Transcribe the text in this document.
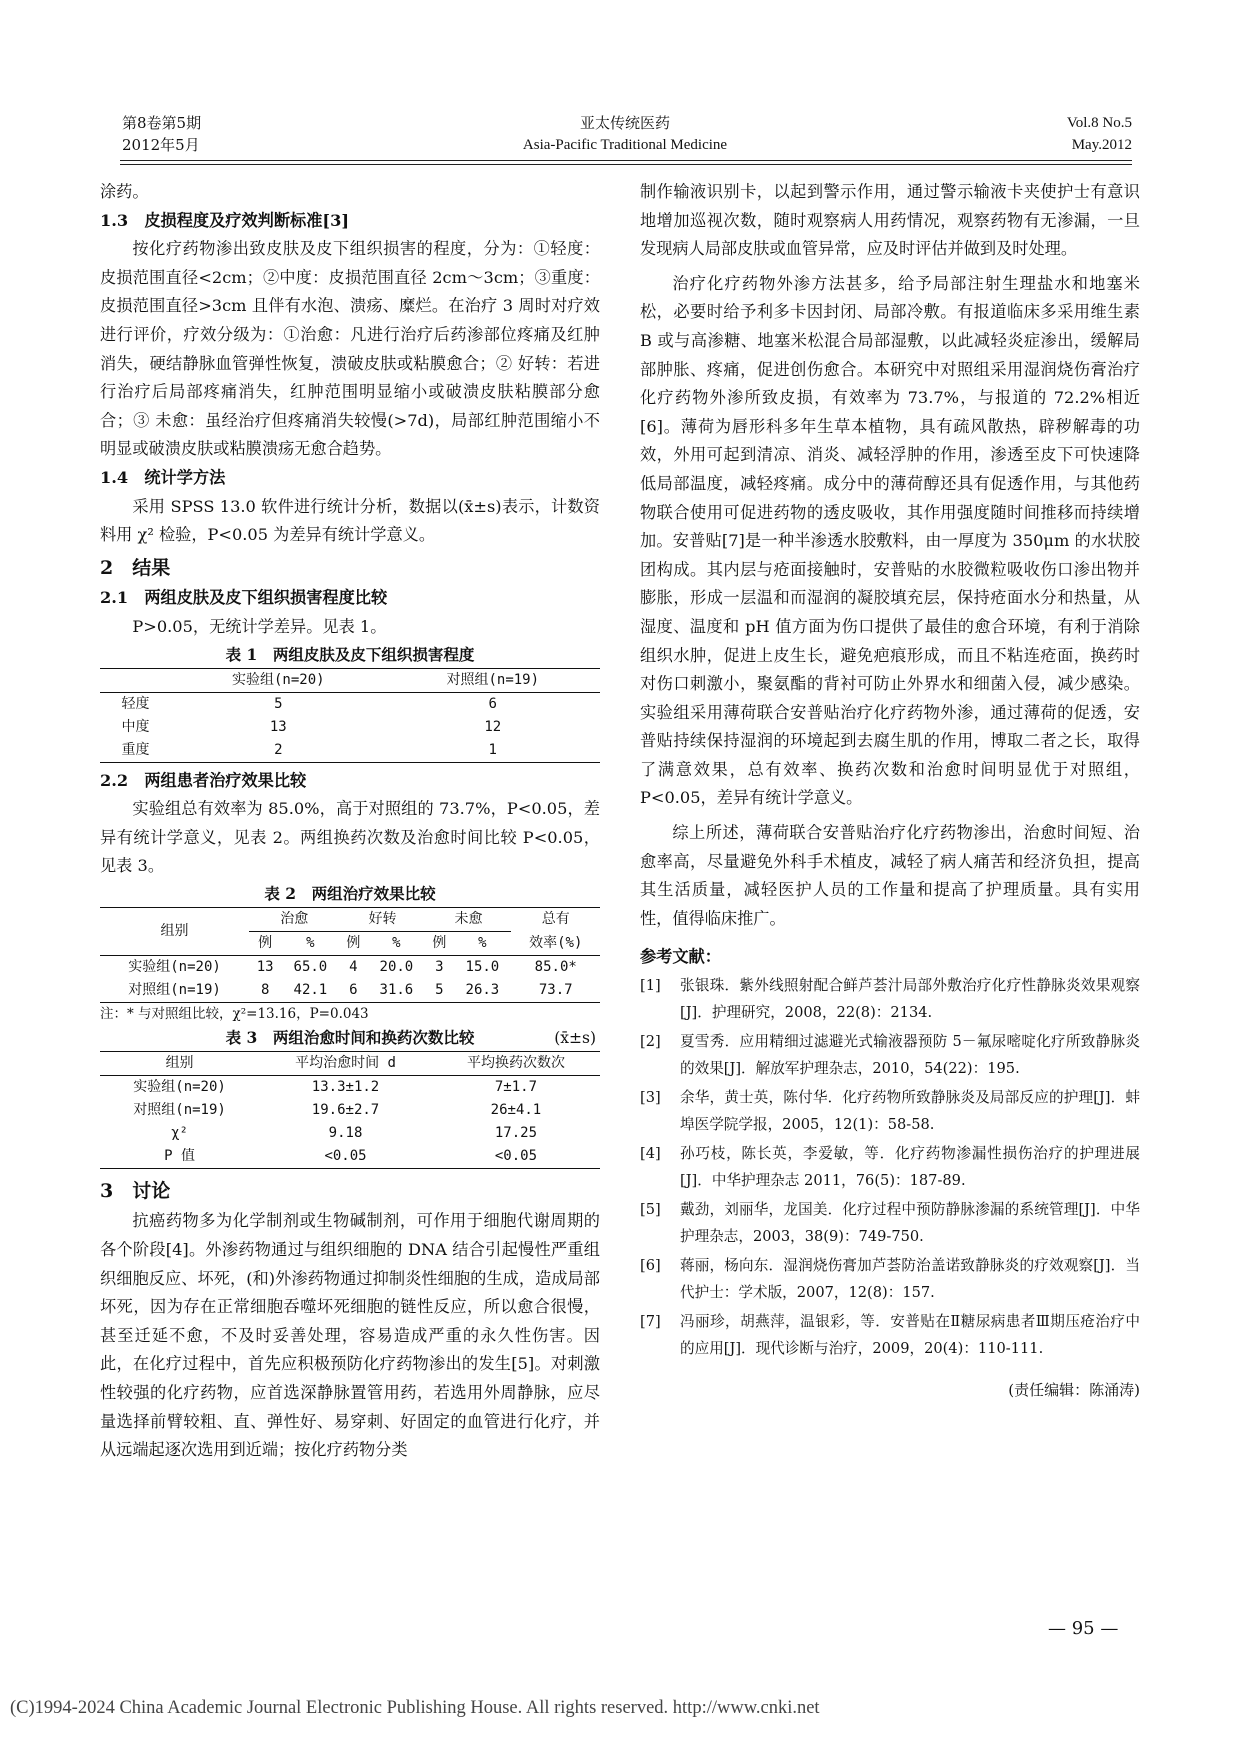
第8卷第5期
2012年5月
亚太传统医药
Asia-Pacific Traditional Medicine
Vol.8 No.5
May.2012

涂药。

1.3　皮损程度及疗效判断标准[3]

按化疗药物渗出致皮肤及皮下组织损害的程度，分为：①轻度：皮损范围直径<2cm；②中度：皮损范围直径 2cm～3cm；③重度：皮损范围直径>3cm 且伴有水泡、溃疡、糜烂。在治疗 3 周时对疗效进行评价，疗效分级为：①治愈：凡进行治疗后药渗部位疼痛及红肿消失，硬结静脉血管弹性恢复，溃破皮肤或粘膜愈合；② 好转：若进行治疗后局部疼痛消失，红肿范围明显缩小或破溃皮肤粘膜部分愈合；③ 未愈：虽经治疗但疼痛消失较慢(>7d)，局部红肿范围缩小不明显或破溃皮肤或粘膜溃疡无愈合趋势。

1.4　统计学方法

采用 SPSS 13.0 软件进行统计分析，数据以(x̄±s)表示，计数资料用 χ² 检验，P<0.05 为差异有统计学意义。

2　结果

2.1　两组皮肤及皮下组织损害程度比较

P>0.05，无统计学差异。见表 1。

表 1　两组皮肤及皮下组织损害程度
	实验组(n=20)	对照组(n=19)
轻度	5	6
中度	13	12
重度	2	1

2.2　两组患者治疗效果比较

实验组总有效率为 85.0%，高于对照组的 73.7%，P<0.05，差异有统计学意义，见表 2。两组换药次数及治愈时间比较 P<0.05，见表 3。

表 2　两组治疗效果比较
组别	治愈		好转		未愈		总有
	例	%	例	%	例	%	效率(%)
实验组(n=20)	13	65.0	4	20.0	3	15.0	85.0*
对照组(n=19)	8	42.1	6	31.6	5	26.3	73.7
注：* 与对照组比较，χ²=13.16，P=0.043
表 3　两组治愈时间和换药次数比较	(x̄±s)
组别	平均治愈时间 d	平均换药次数次
实验组(n=20)	13.3±1.2	7±1.7
对照组(n=19)	19.6±2.7	26±4.1
χ²	9.18	17.25
P 值	<0.05	<0.05

3　讨论

抗癌药物多为化学制剂或生物碱制剂，可作用于细胞代谢周期的各个阶段[4]。外渗药物通过与组织细胞的 DNA 结合引起慢性严重组织细胞反应、坏死，(和)外渗药物通过抑制炎性细胞的生成，造成局部坏死，因为存在正常细胞吞噬坏死细胞的链性反应，所以愈合很慢，甚至迁延不愈，不及时妥善处理，容易造成严重的永久性伤害。因此，在化疗过程中，首先应积极预防化疗药物渗出的发生[5]。对刺激性较强的化疗药物，应首选深静脉置管用药，若选用外周静脉，应尽量选择前臂较粗、直、弹性好、易穿刺、好固定的血管进行化疗，并从远端起逐次选用到近端；按化疗药物分类

制作输液识别卡，以起到警示作用，通过警示输液卡夹使护士有意识地增加巡视次数，随时观察病人用药情况，观察药物有无渗漏，一旦发现病人局部皮肤或血管异常，应及时评估并做到及时处理。

治疗化疗药物外渗方法甚多，给予局部注射生理盐水和地塞米松，必要时给予利多卡因封闭、局部冷敷。有报道临床多采用维生素 B 或与高渗糖、地塞米松混合局部湿敷，以此减轻炎症渗出，缓解局部肿胀、疼痛，促进创伤愈合。本研究中对照组采用湿润烧伤膏治疗化疗药物外渗所致皮损，有效率为 73.7%，与报道的 72.2%相近[6]。薄荷为唇形科多年生草本植物，具有疏风散热，辟秽解毒的功效，外用可起到清凉、消炎、减轻浮肿的作用，渗透至皮下可快速降低局部温度，减轻疼痛。成分中的薄荷醇还具有促透作用，与其他药物联合使用可促进药物的透皮吸收，其作用强度随时间推移而持续增加。安普贴[7]是一种半渗透水胶敷料，由一厚度为 350μm 的水状胶团构成。其内层与疮面接触时，安普贴的水胶微粒吸收伤口渗出物并膨胀，形成一层温和而湿润的凝胶填充层，保持疮面水分和热量，从湿度、温度和 pH 值方面为伤口提供了最佳的愈合环境，有利于消除组织水肿，促进上皮生长，避免疤痕形成，而且不粘连疮面，换药时对伤口刺激小，聚氨酯的背衬可防止外界水和细菌入侵，减少感染。实验组采用薄荷联合安普贴治疗化疗药物外渗，通过薄荷的促透，安普贴持续保持湿润的环境起到去腐生肌的作用，博取二者之长，取得了满意效果，总有效率、换药次数和治愈时间明显优于对照组，P<0.05，差异有统计学意义。

综上所述，薄荷联合安普贴治疗化疗药物渗出，治愈时间短、治愈率高，尽量避免外科手术植皮，减轻了病人痛苦和经济负担，提高其生活质量，减轻医护人员的工作量和提高了护理质量。具有实用性，值得临床推广。

参考文献：

[1]	张银珠．紫外线照射配合鲜芦荟汁局部外敷治疗化疗性静脉炎效果观察[J]．护理研究，2008，22(8)：2134.

[2]	夏雪秀．应用精细过滤避光式输液器预防 5－氟尿嘧啶化疗所致静脉炎的效果[J]．解放军护理杂志，2010，54(22)：195.

[3]	余华，黄士英，陈付华．化疗药物所致静脉炎及局部反应的护理[J]．蚌埠医学院学报，2005，12(1)：58-58.

[4]	孙巧枝，陈长英，李爱敏，等．化疗药物渗漏性损伤治疗的护理进展[J]．中华护理杂志 2011，76(5)：187-89.

[5]	戴劲，刘丽华，龙国美．化疗过程中预防静脉渗漏的系统管理[J]．中华护理杂志，2003，38(9)：749-750.

[6]	蒋丽，杨向东．湿润烧伤膏加芦荟防治盖诺致静脉炎的疗效观察[J]．当代护士：学术版，2007，12(8)：157.

[7]	冯丽珍，胡燕萍，温银彩，等．安普贴在Ⅱ糖尿病患者Ⅲ期压疮治疗中的应用[J]．现代诊断与治疗，2009，20(4)：110-111.

(责任编辑：陈涌涛)

— 95 —
(C)1994-2024 China Academic Journal Electronic Publishing House. All rights reserved. http://www.cnki.net
